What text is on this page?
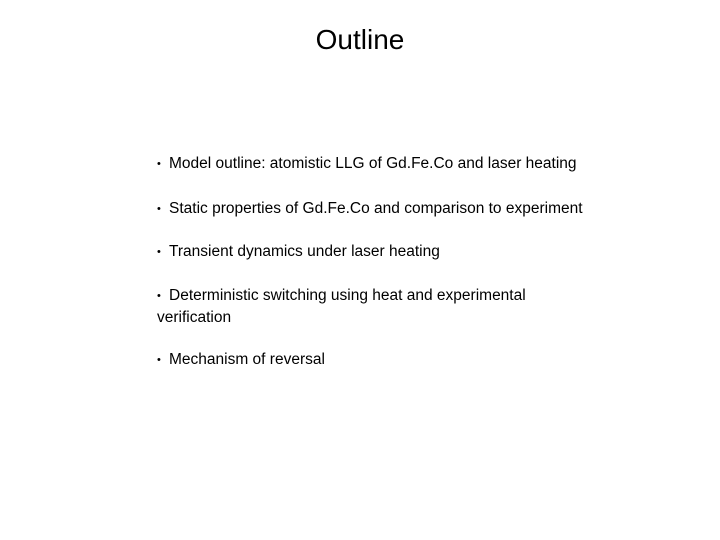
Outline
• Model outline: atomistic LLG of Gd.Fe.Co and laser heating
• Static properties of Gd.Fe.Co and comparison to experiment
• Transient dynamics under laser heating
• Deterministic switching using heat and experimental verification
• Mechanism of reversal
